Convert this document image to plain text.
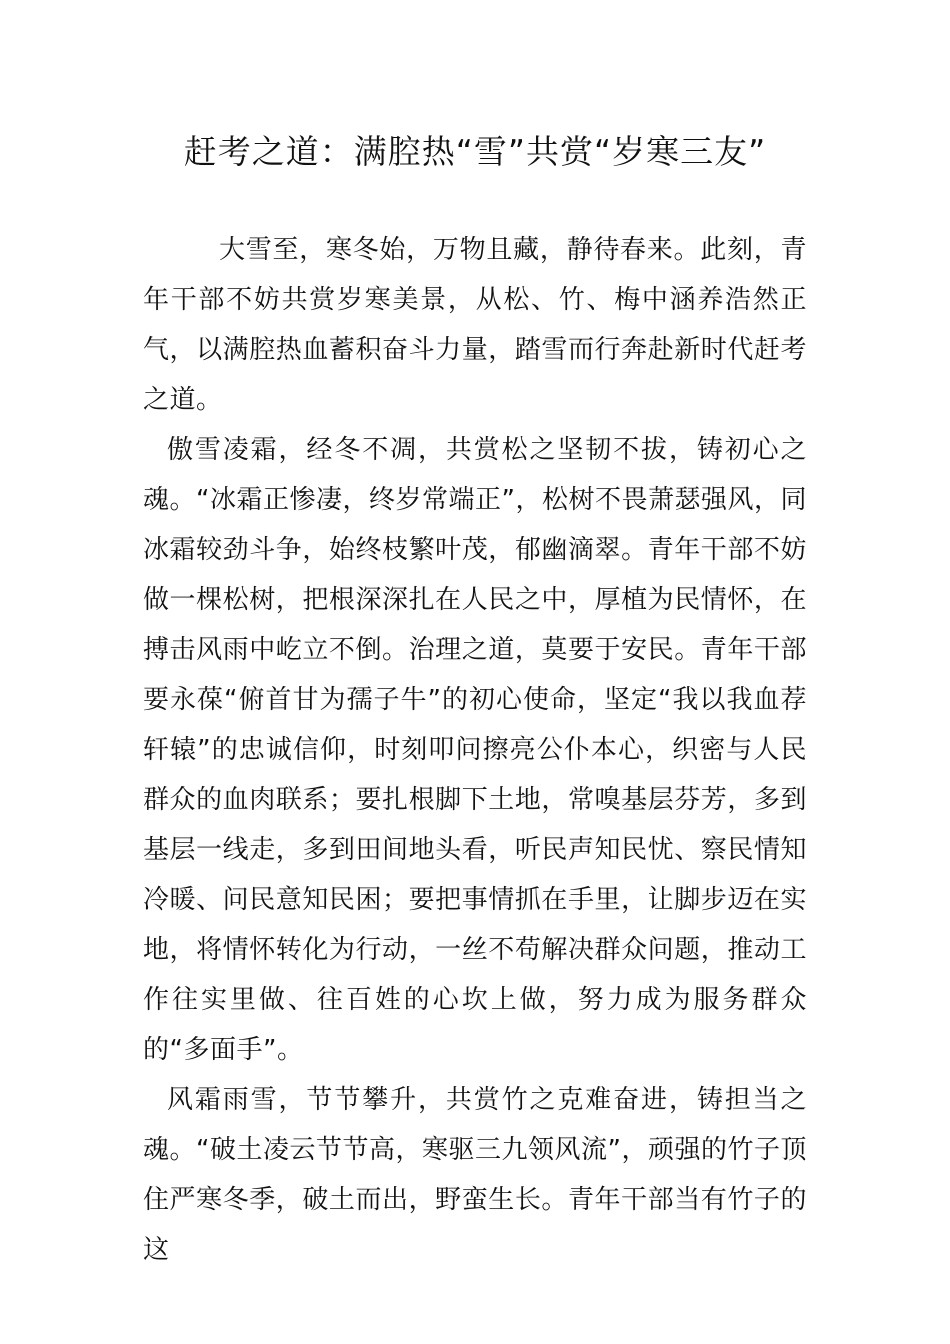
赶考之道：满腔热“雪”共赏“岁寒三友”

大雪至，寒冬始，万物且藏，静待春来。此刻，青年干部不妨共赏岁寒美景，从松、竹、梅中涵养浩然正气，以满腔热血蓄积奋斗力量，踏雪而行奔赴新时代赶考之道。

傲雪凌霜，经冬不凋，共赏松之坚韧不拔，铸初心之魂。“冰霜正惨凄，终岁常端正”，松树不畏萧瑟强风，同冰霜较劲斗争，始终枝繁叶茂，郁幽滴翠。青年干部不妨做一棵松树，把根深深扎在人民之中，厚植为民情怀，在搏击风雨中屹立不倒。治理之道，莫要于安民。青年干部要永葆“俯首甘为孺子牛”的初心使命，坚定“我以我血荐轩辕”的忠诚信仰，时刻叩问擦亮公仆本心，织密与人民群众的血肉联系；要扎根脚下土地，常嗅基层芬芳，多到基层一线走，多到田间地头看，听民声知民忧、察民情知冷暖、问民意知民困；要把事情抓在手里，让脚步迈在实地，将情怀转化为行动，一丝不苟解决群众问题，推动工作往实里做、往百姓的心坎上做，努力成为服务群众的“多面手”。

风霜雨雪，节节攀升，共赏竹之克难奋进，铸担当之魂。“破土凌云节节高，寒驱三九领风流”，顽强的竹子顶住严寒冬季，破土而出，野蛮生长。青年干部当有竹子的这
